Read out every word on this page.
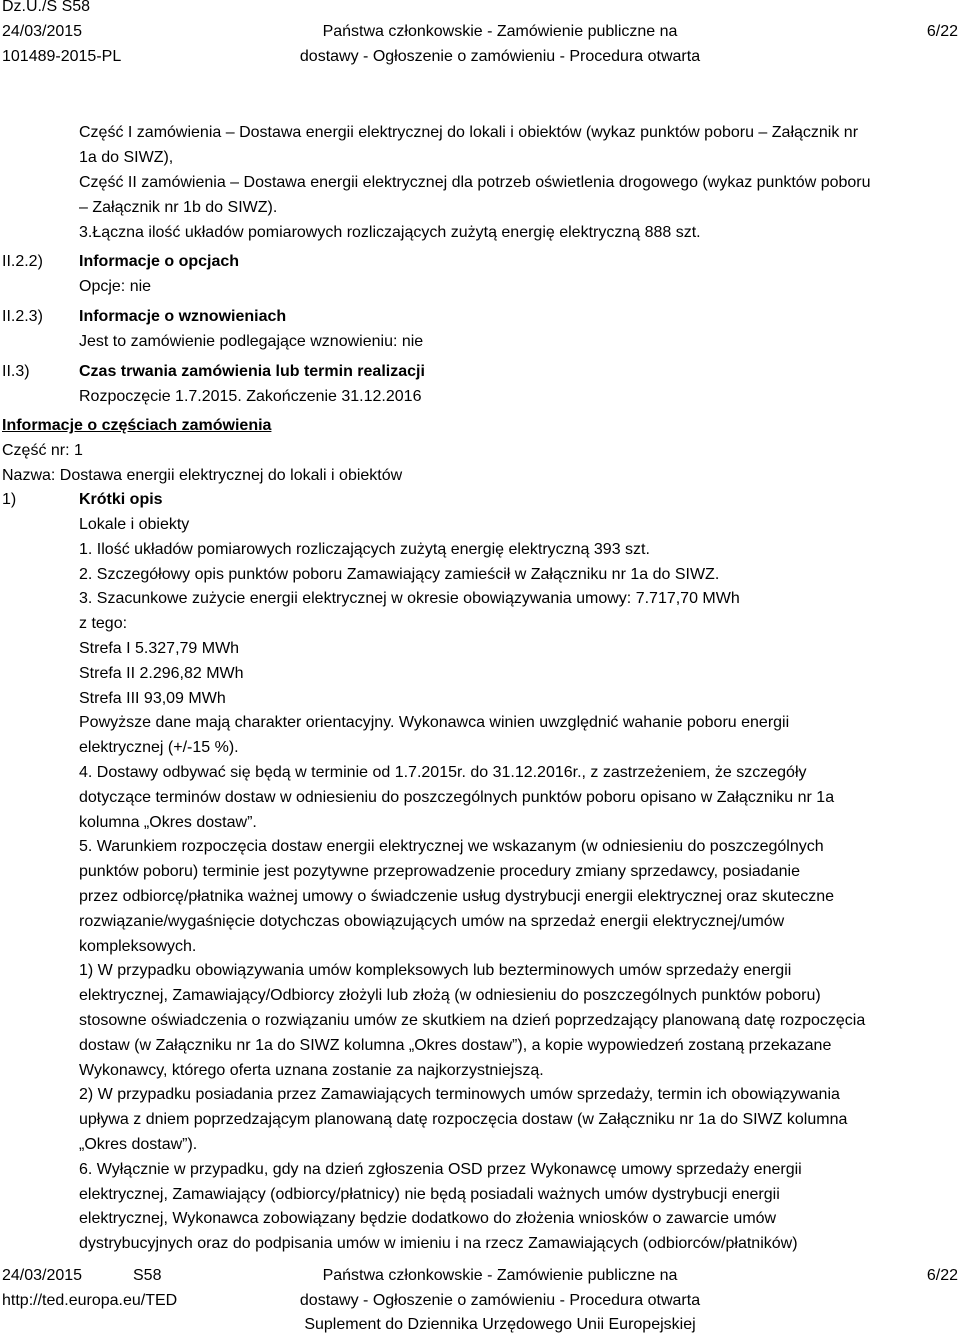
Dz.U./S S58
24/03/2015
101489-2015-PL
Państwa członkowskie - Zamówienie publiczne na
dostawy - Ogłoszenie o zamówieniu - Procedura otwarta
6/22
Część I zamówienia – Dostawa energii elektrycznej do lokali i obiektów (wykaz punktów poboru – Załącznik nr
1a do SIWZ),
Część II zamówienia – Dostawa energii elektrycznej dla potrzeb oświetlenia drogowego (wykaz punktów poboru
– Załącznik nr 1b do SIWZ).
3.Łączna ilość układów pomiarowych rozliczających zużytą energię elektryczną 888 szt.
II.2.2)	Informacje o opcjach
Opcje: nie
II.2.3)	Informacje o wznowieniach
Jest to zamówienie podlegające wznowieniu: nie
II.3)	Czas trwania zamówienia lub termin realizacji
Rozpoczęcie 1.7.2015. Zakończenie 31.12.2016
Informacje o częściach zamówienia
Część nr: 1
Nazwa: Dostawa energii elektrycznej do lokali i obiektów
1)	Krótki opis
Lokale i obiekty
1. Ilość układów pomiarowych rozliczających zużytą energię elektryczną 393 szt.
2. Szczegółowy opis punktów poboru Zamawiający zamieścił w Załączniku nr 1a do SIWZ.
3. Szacunkowe zużycie energii elektrycznej w okresie obowiązywania umowy: 7.717,70 MWh
z tego:
Strefa I 5.327,79 MWh
Strefa II 2.296,82 MWh
Strefa III 93,09 MWh
Powyższe dane mają charakter orientacyjny. Wykonawca winien uwzględnić wahanie poboru energii
elektrycznej (+/-15 %).
4. Dostawy odbywać się będą w terminie od 1.7.2015r. do 31.12.2016r., z zastrzeżeniem, że szczegóły
dotyczące terminów dostaw w odniesieniu do poszczególnych punktów poboru opisano w Załączniku nr 1a
kolumna „Okres dostaw”.
5. Warunkiem rozpoczęcia dostaw energii elektrycznej we wskazanym (w odniesieniu do poszczególnych
punktów poboru) terminie jest pozytywne przeprowadzenie procedury zmiany sprzedawcy, posiadanie
przez odbiorcę/płatnika ważnej umowy o świadczenie usług dystrybucji energii elektrycznej oraz skuteczne
rozwiązanie/wygaśnięcie dotychczas obowiązujących umów na sprzedaż energii elektrycznej/umów
kompleksowych.
1) W przypadku obowiązywania umów kompleksowych lub bezterminowych umów sprzedaży energii
elektrycznej, Zamawiający/Odbiorcy złożyli lub złożą (w odniesieniu do poszczególnych punktów poboru)
stosowne oświadczenia o rozwiązaniu umów ze skutkiem na dzień poprzedzający planowaną datę rozpoczęcia
dostaw (w Załączniku nr 1a do SIWZ kolumna „Okres dostaw”), a kopie wypowiedzeń zostaną przekazane
Wykonawcy, którego oferta uznana zostanie za najkorzystniejszą.
2) W przypadku posiadania przez Zamawiających terminowych umów sprzedaży, termin ich obowiązywania
upływa z dniem poprzedzającym planowaną datę rozpoczęcia dostaw (w Załączniku nr 1a do SIWZ kolumna
„Okres dostaw”).
6. Wyłącznie w przypadku, gdy na dzień zgłoszenia OSD przez Wykonawcę umowy sprzedaży energii
elektrycznej, Zamawiający (odbiorcy/płatnicy) nie będą posiadali ważnych umów dystrybucji energii
elektrycznej, Wykonawca zobowiązany będzie dodatkowo do złożenia wniosków o zawarcie umów
dystrybucyjnych oraz do podpisania umów w imieniu i na rzecz Zamawiających (odbiorców/płatników)
24/03/2015	S58
http://ted.europa.eu/TED
Państwa członkowskie - Zamówienie publiczne na
dostawy - Ogłoszenie o zamówieniu - Procedura otwarta
Suplement do Dziennika Urzędowego Unii Europejskiej
6/22
